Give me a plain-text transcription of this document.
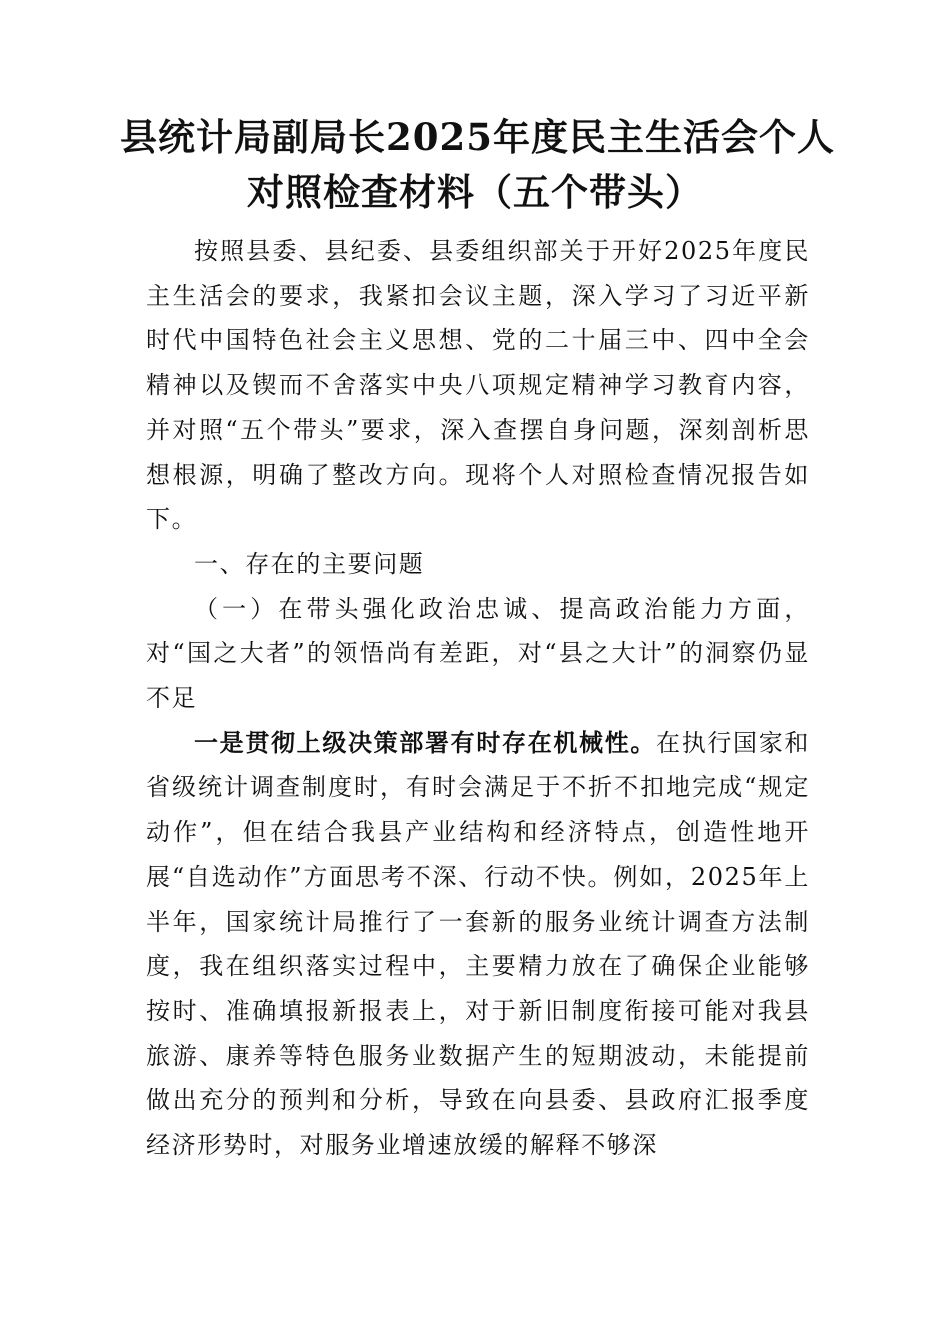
县统计局副局长2025年度民主生活会个人
对照检查材料（五个带头）

按照县委、县纪委、县委组织部关于开好2025年度民主生活会的要求，我紧扣会议主题，深入学习了习近平新时代中国特色社会主义思想、党的二十届三中、四中全会精神以及锲而不舍落实中央八项规定精神学习教育内容，并对照“五个带头”要求，深入查摆自身问题，深刻剖析思想根源，明确了整改方向。现将个人对照检查情况报告如下。

一、存在的主要问题

（一）在带头强化政治忠诚、提高政治能力方面，对“国之大者”的领悟尚有差距，对“县之大计”的洞察仍显不足

一是贯彻上级决策部署有时存在机械性。在执行国家和省级统计调查制度时，有时会满足于不折不扣地完成“规定动作”，但在结合我县产业结构和经济特点，创造性地开展“自选动作”方面思考不深、行动不快。例如，2025年上半年，国家统计局推行了一套新的服务业统计调查方法制度，我在组织落实过程中，主要精力放在了确保企业能够按时、准确填报新报表上，对于新旧制度衔接可能对我县旅游、康养等特色服务业数据产生的短期波动，未能提前做出充分的预判和分析，导致在向县委、县政府汇报季度经济形势时，对服务业增速放缓的解释不够深
